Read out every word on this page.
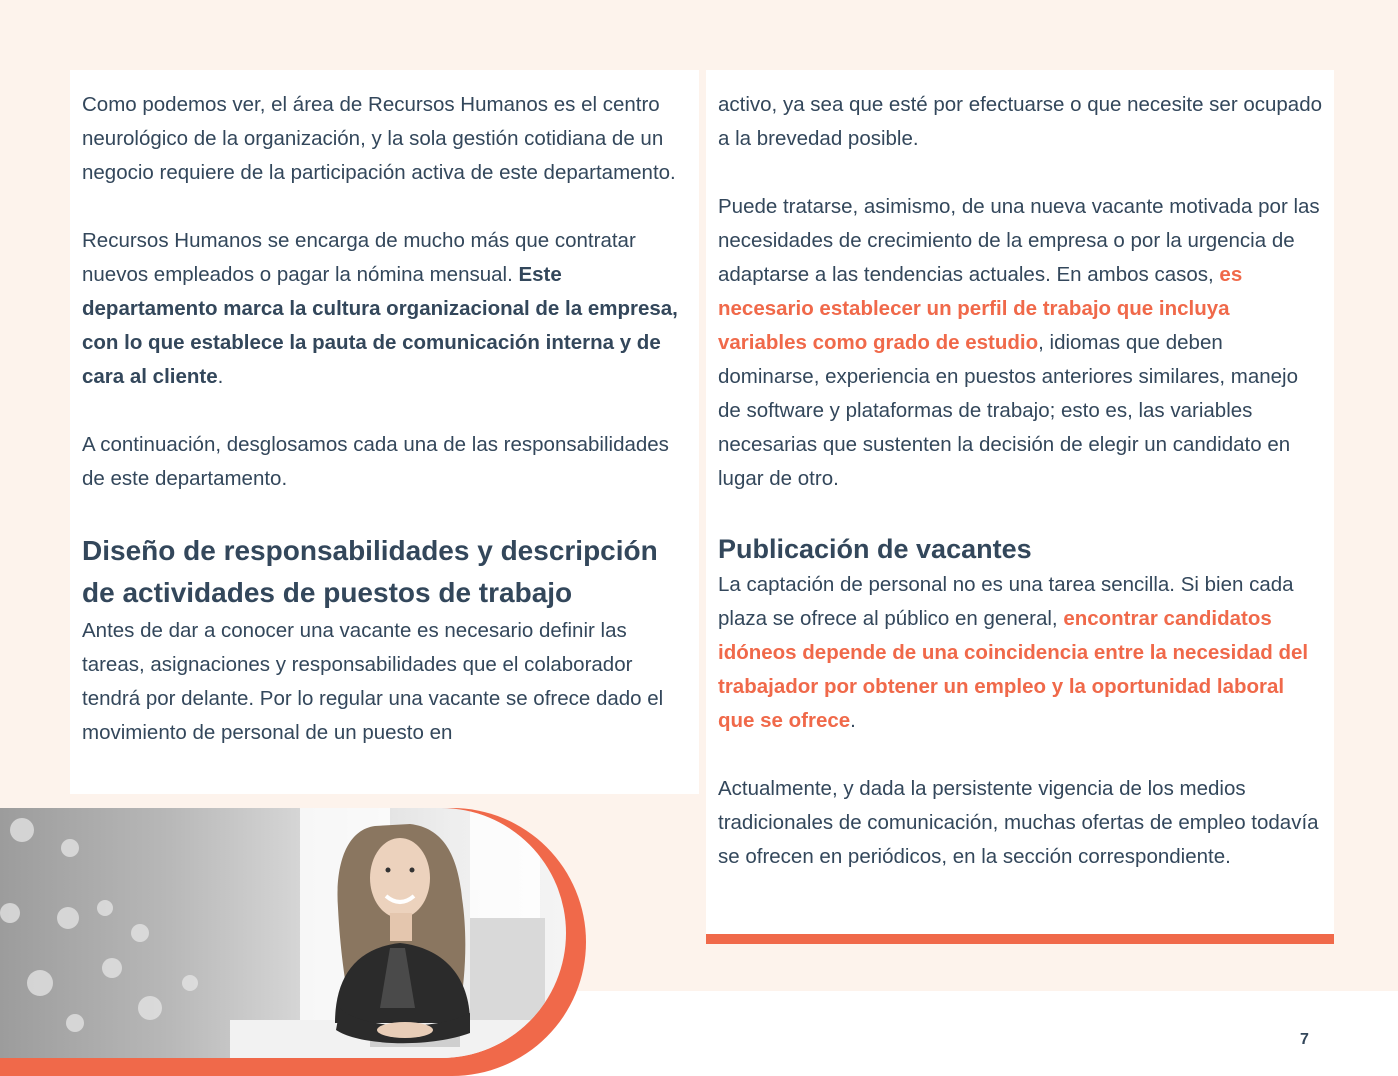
Como podemos ver, el área de Recursos Humanos es el centro neurológico de la organización, y la sola gestión cotidiana de un negocio requiere de la participación activa de este departamento.

Recursos Humanos se encarga de mucho más que contratar nuevos empleados o pagar la nómina mensual. Este departamento marca la cultura organizacional de la empresa, con lo que establece la pauta de comunicación interna y de cara al cliente.

A continuación, desglosamos cada una de las responsabilidades de este departamento.

Diseño de responsabilidades y descripción de actividades de puestos de trabajo

Antes de dar a conocer una vacante es necesario definir las tareas, asignaciones y responsabilidades que el colaborador tendrá por delante. Por lo regular una vacante se ofrece dado el movimiento de personal de un puesto en

activo, ya sea que esté por efectuarse o que necesite ser ocupado a la brevedad posible.

Puede tratarse, asimismo, de una nueva vacante motivada por las necesidades de crecimiento de la empresa o por la urgencia de adaptarse a las tendencias actuales. En ambos casos, es necesario establecer un perfil de trabajo que incluya variables como grado de estudio, idiomas que deben dominarse, experiencia en puestos anteriores similares, manejo de software y plataformas de trabajo; esto es, las variables necesarias que sustenten la decisión de elegir un candidato en lugar de otro.

Publicación de vacantes

La captación de personal no es una tarea sencilla. Si bien cada plaza se ofrece al público en general, encontrar candidatos idóneos depende de una coincidencia entre la necesidad del trabajador por obtener un empleo y la oportunidad laboral que se ofrece.

Actualmente, y dada la persistente vigencia de los medios tradicionales de comunicación, muchas ofertas de empleo todavía se ofrecen en periódicos, en la sección correspondiente.

7
